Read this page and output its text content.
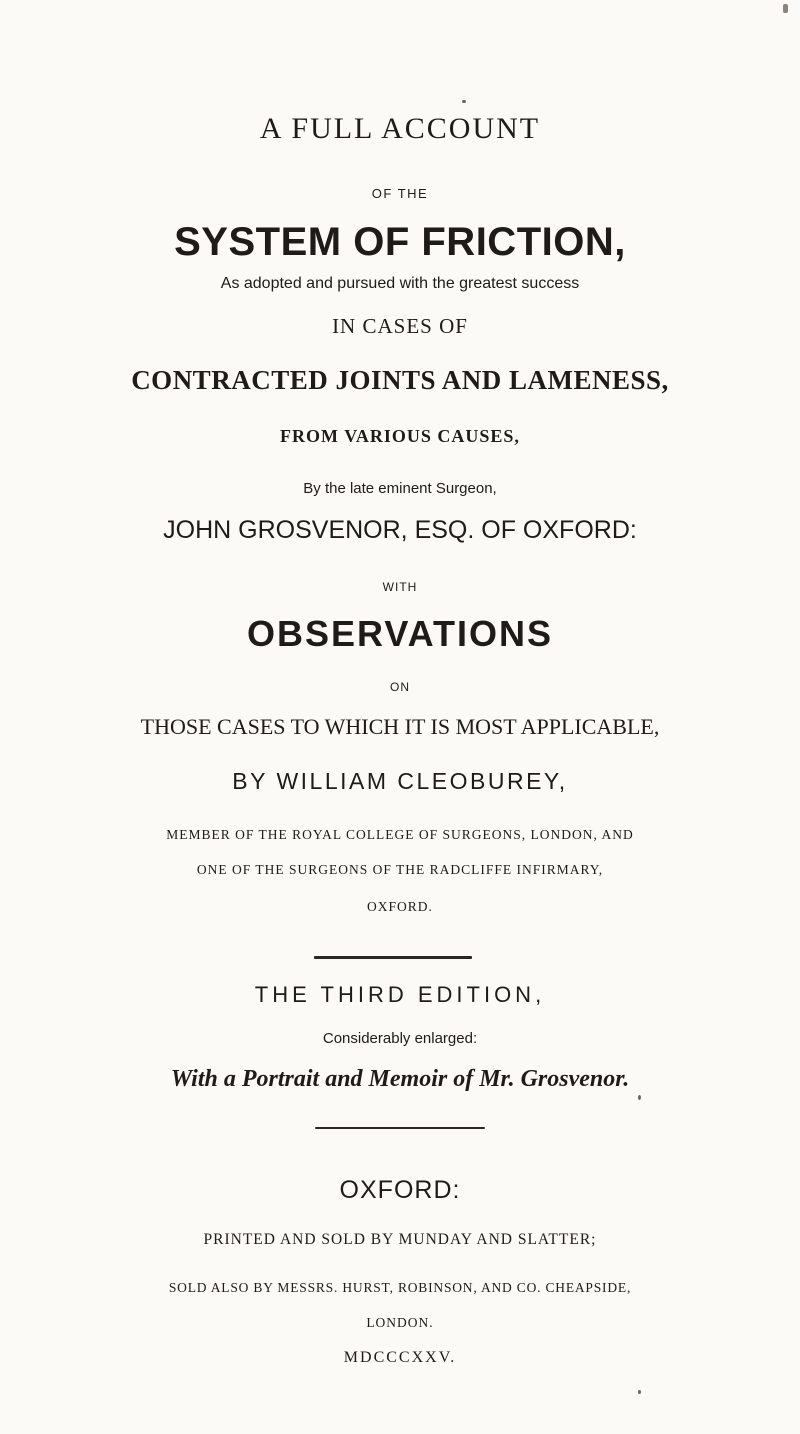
A FULL ACCOUNT

OF THE

SYSTEM OF FRICTION,

As adopted and pursued with the greatest success

IN CASES OF

CONTRACTED JOINTS AND LAMENESS,

FROM VARIOUS CAUSES,

By the late eminent Surgeon,

JOHN GROSVENOR, ESQ. OF OXFORD:

WITH

OBSERVATIONS

ON

THOSE CASES TO WHICH IT IS MOST APPLICABLE,

BY WILLIAM CLEOBUREY,

MEMBER OF THE ROYAL COLLEGE OF SURGEONS, LONDON, AND

ONE OF THE SURGEONS OF THE RADCLIFFE INFIRMARY,

OXFORD.

THE THIRD EDITION,

Considerably enlarged:

With a Portrait and Memoir of Mr. Grosvenor.

OXFORD:

PRINTED AND SOLD BY MUNDAY AND SLATTER;

SOLD ALSO BY MESSRS. HURST, ROBINSON, AND CO. CHEAPSIDE,

LONDON.

MDCCCXXV.
